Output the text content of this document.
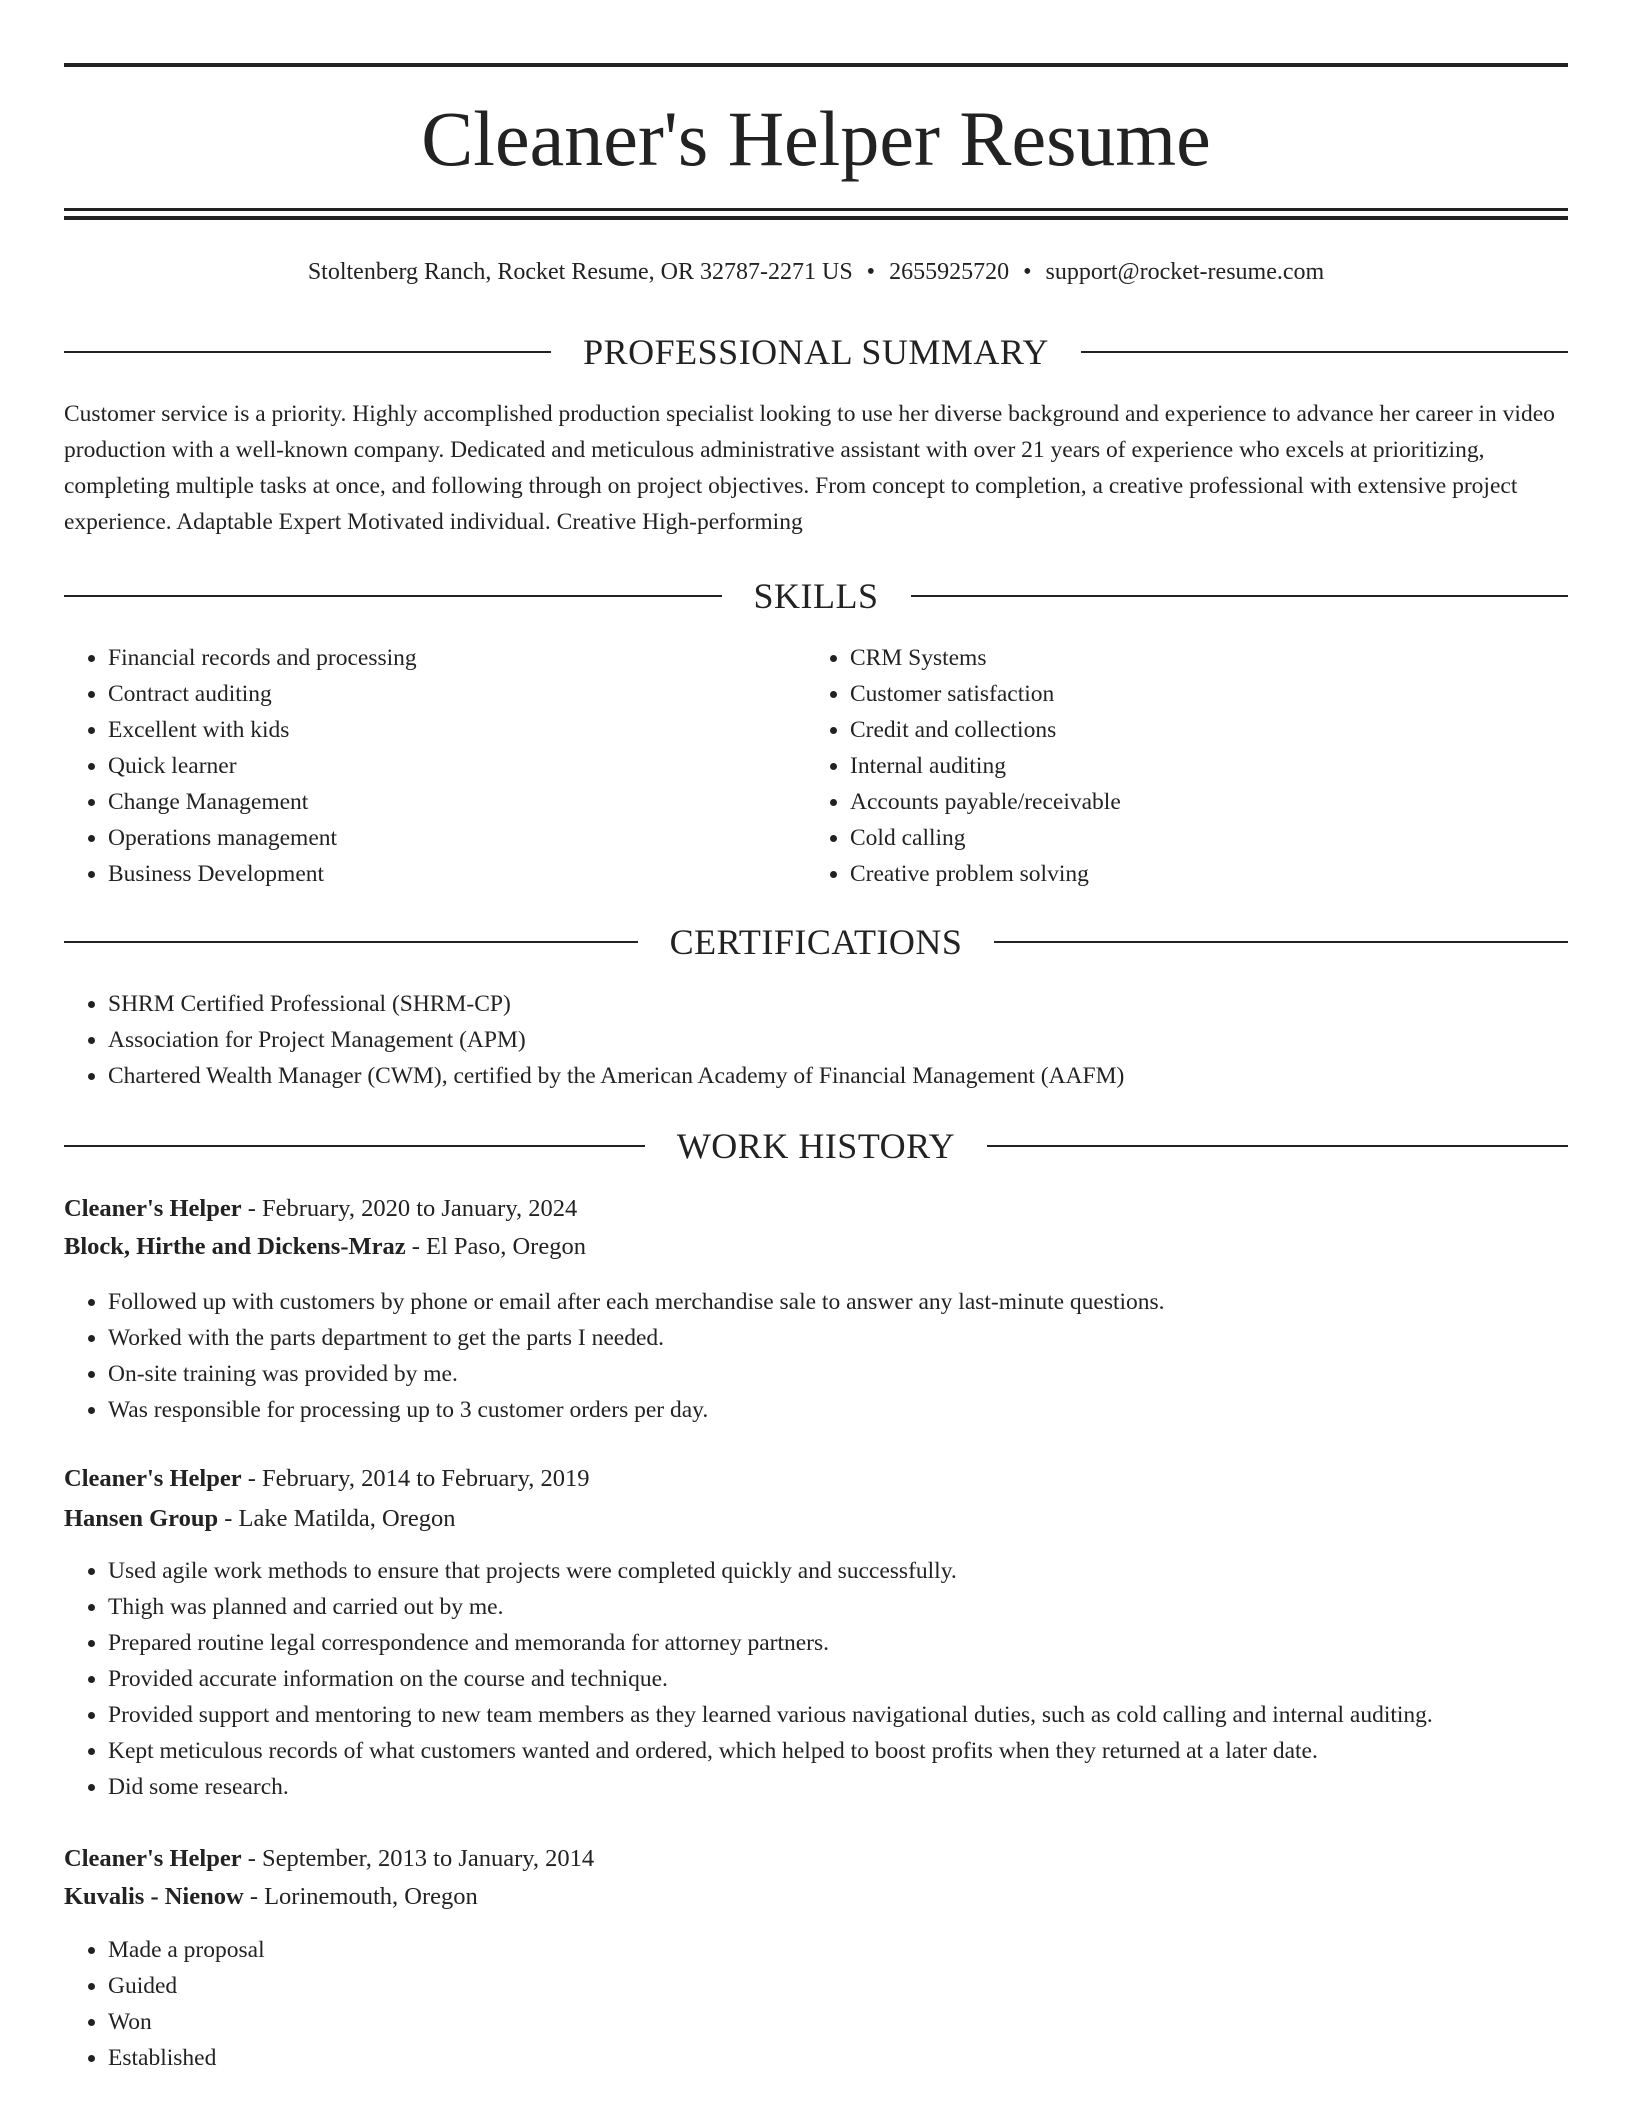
Cleaner's Helper Resume
Stoltenberg Ranch, Rocket Resume, OR 32787-2271 US • 2655925720 • support@rocket-resume.com
PROFESSIONAL SUMMARY

Customer service is a priority. Highly accomplished production specialist looking to use her diverse background and experience to advance her career in video production with a well-known company. Dedicated and meticulous administrative assistant with over 21 years of experience who excels at prioritizing, completing multiple tasks at once, and following through on project objectives. From concept to completion, a creative professional with extensive project experience. Adaptable Expert Motivated individual. Creative High-performing

SKILLS
• Financial records and processing
• Contract auditing
• Excellent with kids
• Quick learner
• Change Management
• Operations management
• Business Development
• CRM Systems
• Customer satisfaction
• Credit and collections
• Internal auditing
• Accounts payable/receivable
• Cold calling
• Creative problem solving
CERTIFICATIONS
• SHRM Certified Professional (SHRM-CP)
• Association for Project Management (APM)
• Chartered Wealth Manager (CWM), certified by the American Academy of Financial Management (AAFM)
WORK HISTORY
Cleaner's Helper - February, 2020 to January, 2024
Block, Hirthe and Dickens-Mraz - El Paso, Oregon
• Followed up with customers by phone or email after each merchandise sale to answer any last-minute questions.
• Worked with the parts department to get the parts I needed.
• On-site training was provided by me.
• Was responsible for processing up to 3 customer orders per day.
Cleaner's Helper - February, 2014 to February, 2019
Hansen Group - Lake Matilda, Oregon
• Used agile work methods to ensure that projects were completed quickly and successfully.
• Thigh was planned and carried out by me.
• Prepared routine legal correspondence and memoranda for attorney partners.
• Provided accurate information on the course and technique.
• Provided support and mentoring to new team members as they learned various navigational duties, such as cold calling and internal auditing.
• Kept meticulous records of what customers wanted and ordered, which helped to boost profits when they returned at a later date.
• Did some research.
Cleaner's Helper - September, 2013 to January, 2014
Kuvalis - Nienow - Lorinemouth, Oregon
• Made a proposal
• Guided
• Won
• Established
